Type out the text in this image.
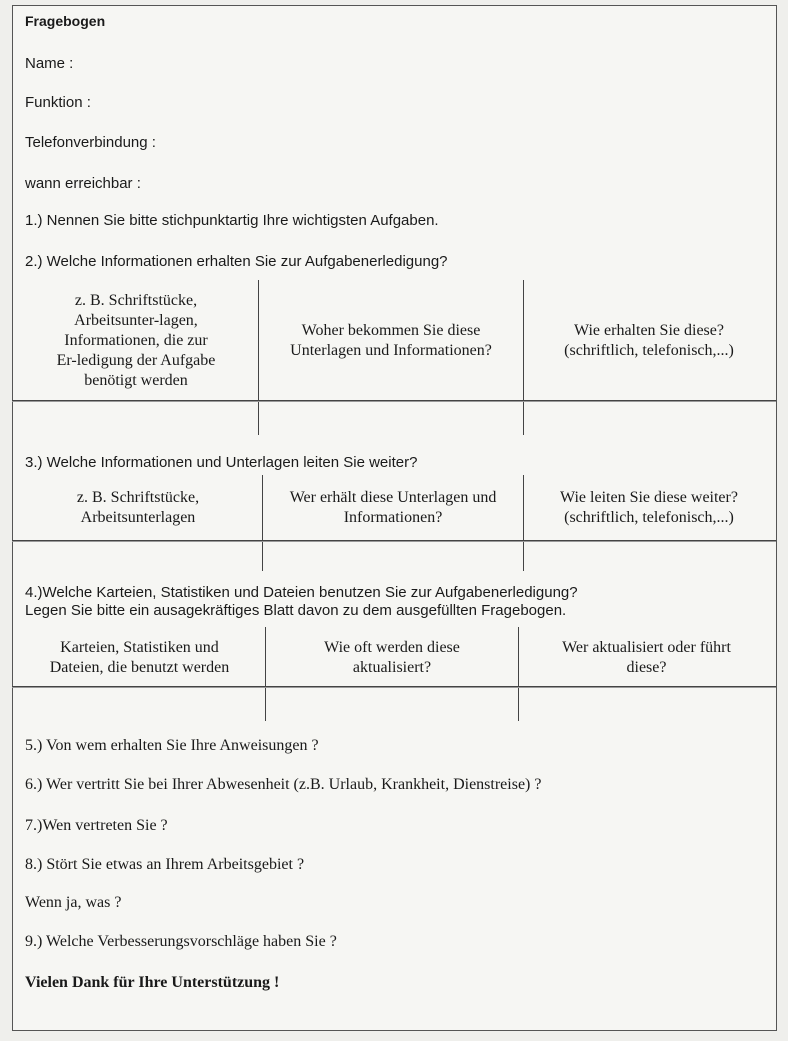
Fragebogen
Name :
Funktion :
Telefonverbindung :
wann erreichbar :
1.) Nennen Sie bitte stichpunktartig Ihre wichtigsten Aufgaben.
2.) Welche Informationen erhalten Sie zur Aufgabenerledigung?
z. B. Schriftstücke,
Arbeitsunter-lagen,
Informationen, die zur
Er-ledigung der Aufgabe
benötigt werden
Woher bekommen Sie diese
Unterlagen und Informationen?
Wie erhalten Sie diese?
(schriftlich, telefonisch,...)
3.) Welche Informationen und Unterlagen leiten Sie weiter?
z. B. Schriftstücke,
Arbeitsunterlagen
Wer erhält diese Unterlagen und
Informationen?
Wie leiten Sie diese weiter?
(schriftlich, telefonisch,...)
4.)Welche Karteien, Statistiken und Dateien benutzen Sie zur Aufgabenerledigung?
Legen Sie bitte ein ausagekräftiges Blatt davon zu dem ausgefüllten Fragebogen.
Karteien, Statistiken und
Dateien, die benutzt werden
Wie oft werden diese
aktualisiert?
Wer aktualisiert oder führt
diese?
5.) Von wem erhalten Sie Ihre Anweisungen ?
6.) Wer vertritt Sie bei Ihrer Abwesenheit (z.B. Urlaub, Krankheit, Dienstreise) ?
7.)Wen vertreten Sie ?
8.) Stört Sie etwas an Ihrem Arbeitsgebiet ?
Wenn ja, was ?
9.) Welche Verbesserungsvorschläge haben Sie ?
Vielen Dank für Ihre Unterstützung !
